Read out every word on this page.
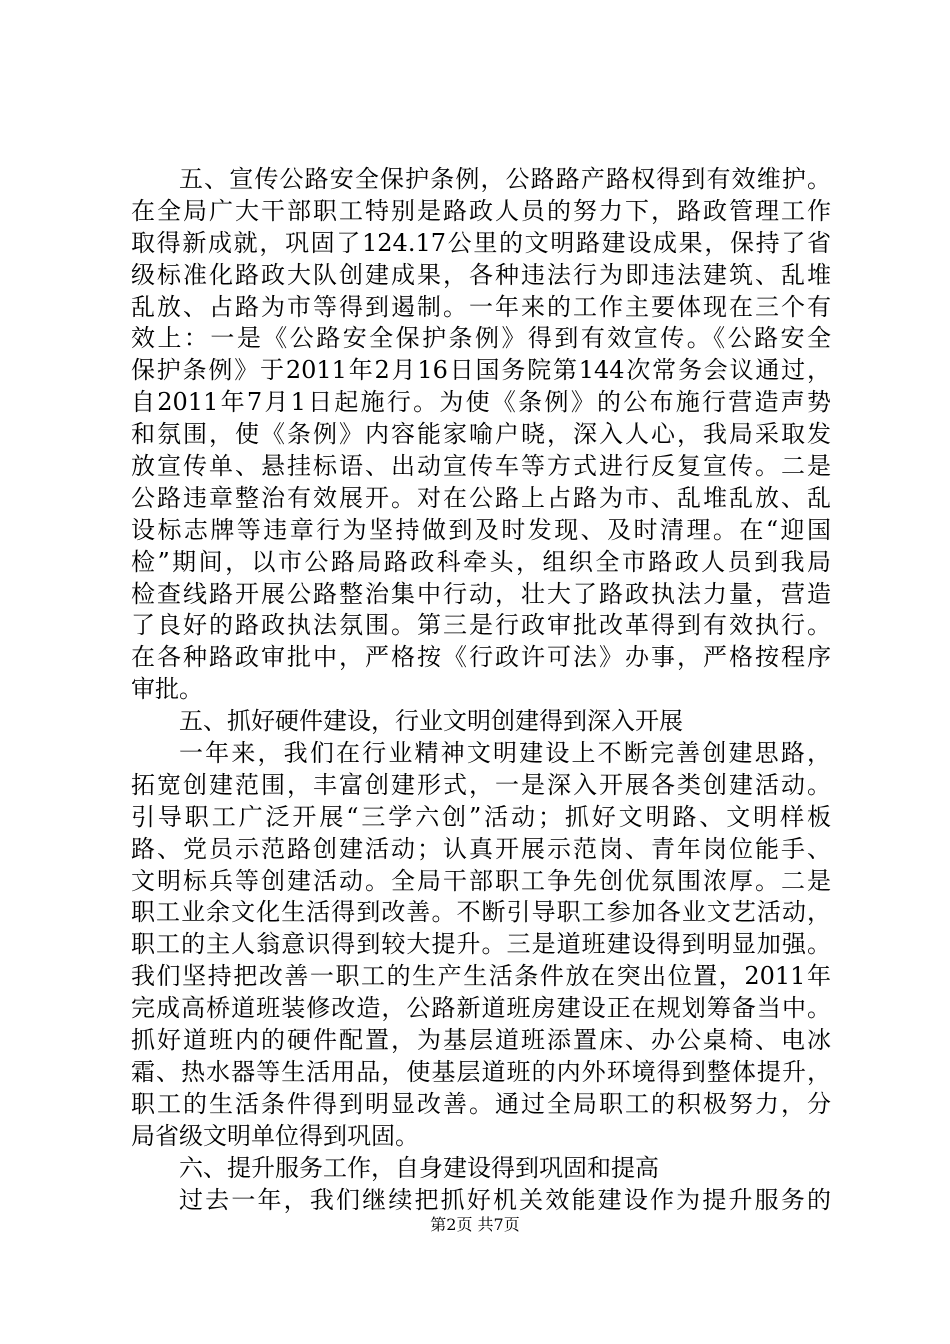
五、宣传公路安全保护条例，公路路产路权得到有效维护。
在全局广大干部职工特别是路政人员的努力下，路政管理工作
取得新成就，巩固了124.17公里的文明路建设成果，保持了省
级标准化路政大队创建成果，各种违法行为即违法建筑、乱堆
乱放、占路为市等得到遏制。一年来的工作主要体现在三个有
效上：一是《公路安全保护条例》得到有效宣传。《公路安全
保护条例》于2011年2月16日国务院第144次常务会议通过，
自2011年7月1日起施行。为使《条例》的公布施行营造声势
和氛围，使《条例》内容能家喻户晓，深入人心，我局采取发
放宣传单、悬挂标语、出动宣传车等方式进行反复宣传。二是
公路违章整治有效展开。对在公路上占路为市、乱堆乱放、乱
设标志牌等违章行为坚持做到及时发现、及时清理。在“迎国
检”期间，以市公路局路政科牵头，组织全市路政人员到我局
检查线路开展公路整治集中行动，壮大了路政执法力量，营造
了良好的路政执法氛围。第三是行政审批改革得到有效执行。
在各种路政审批中，严格按《行政许可法》办事，严格按程序
审批。
五、抓好硬件建设，行业文明创建得到深入开展
一年来，我们在行业精神文明建设上不断完善创建思路，
拓宽创建范围，丰富创建形式，一是深入开展各类创建活动。
引导职工广泛开展“三学六创”活动；抓好文明路、文明样板
路、党员示范路创建活动；认真开展示范岗、青年岗位能手、
文明标兵等创建活动。全局干部职工争先创优氛围浓厚。二是
职工业余文化生活得到改善。不断引导职工参加各业文艺活动，
职工的主人翁意识得到较大提升。三是道班建设得到明显加强。
我们坚持把改善一职工的生产生活条件放在突出位置，2011年
完成高桥道班装修改造，公路新道班房建设正在规划筹备当中。
抓好道班内的硬件配置，为基层道班添置床、办公桌椅、电冰
霜、热水器等生活用品，使基层道班的内外环境得到整体提升，
职工的生活条件得到明显改善。通过全局职工的积极努力，分
局省级文明单位得到巩固。
六、提升服务工作，自身建设得到巩固和提高
过去一年，我们继续把抓好机关效能建设作为提升服务的
第2页 共7页
